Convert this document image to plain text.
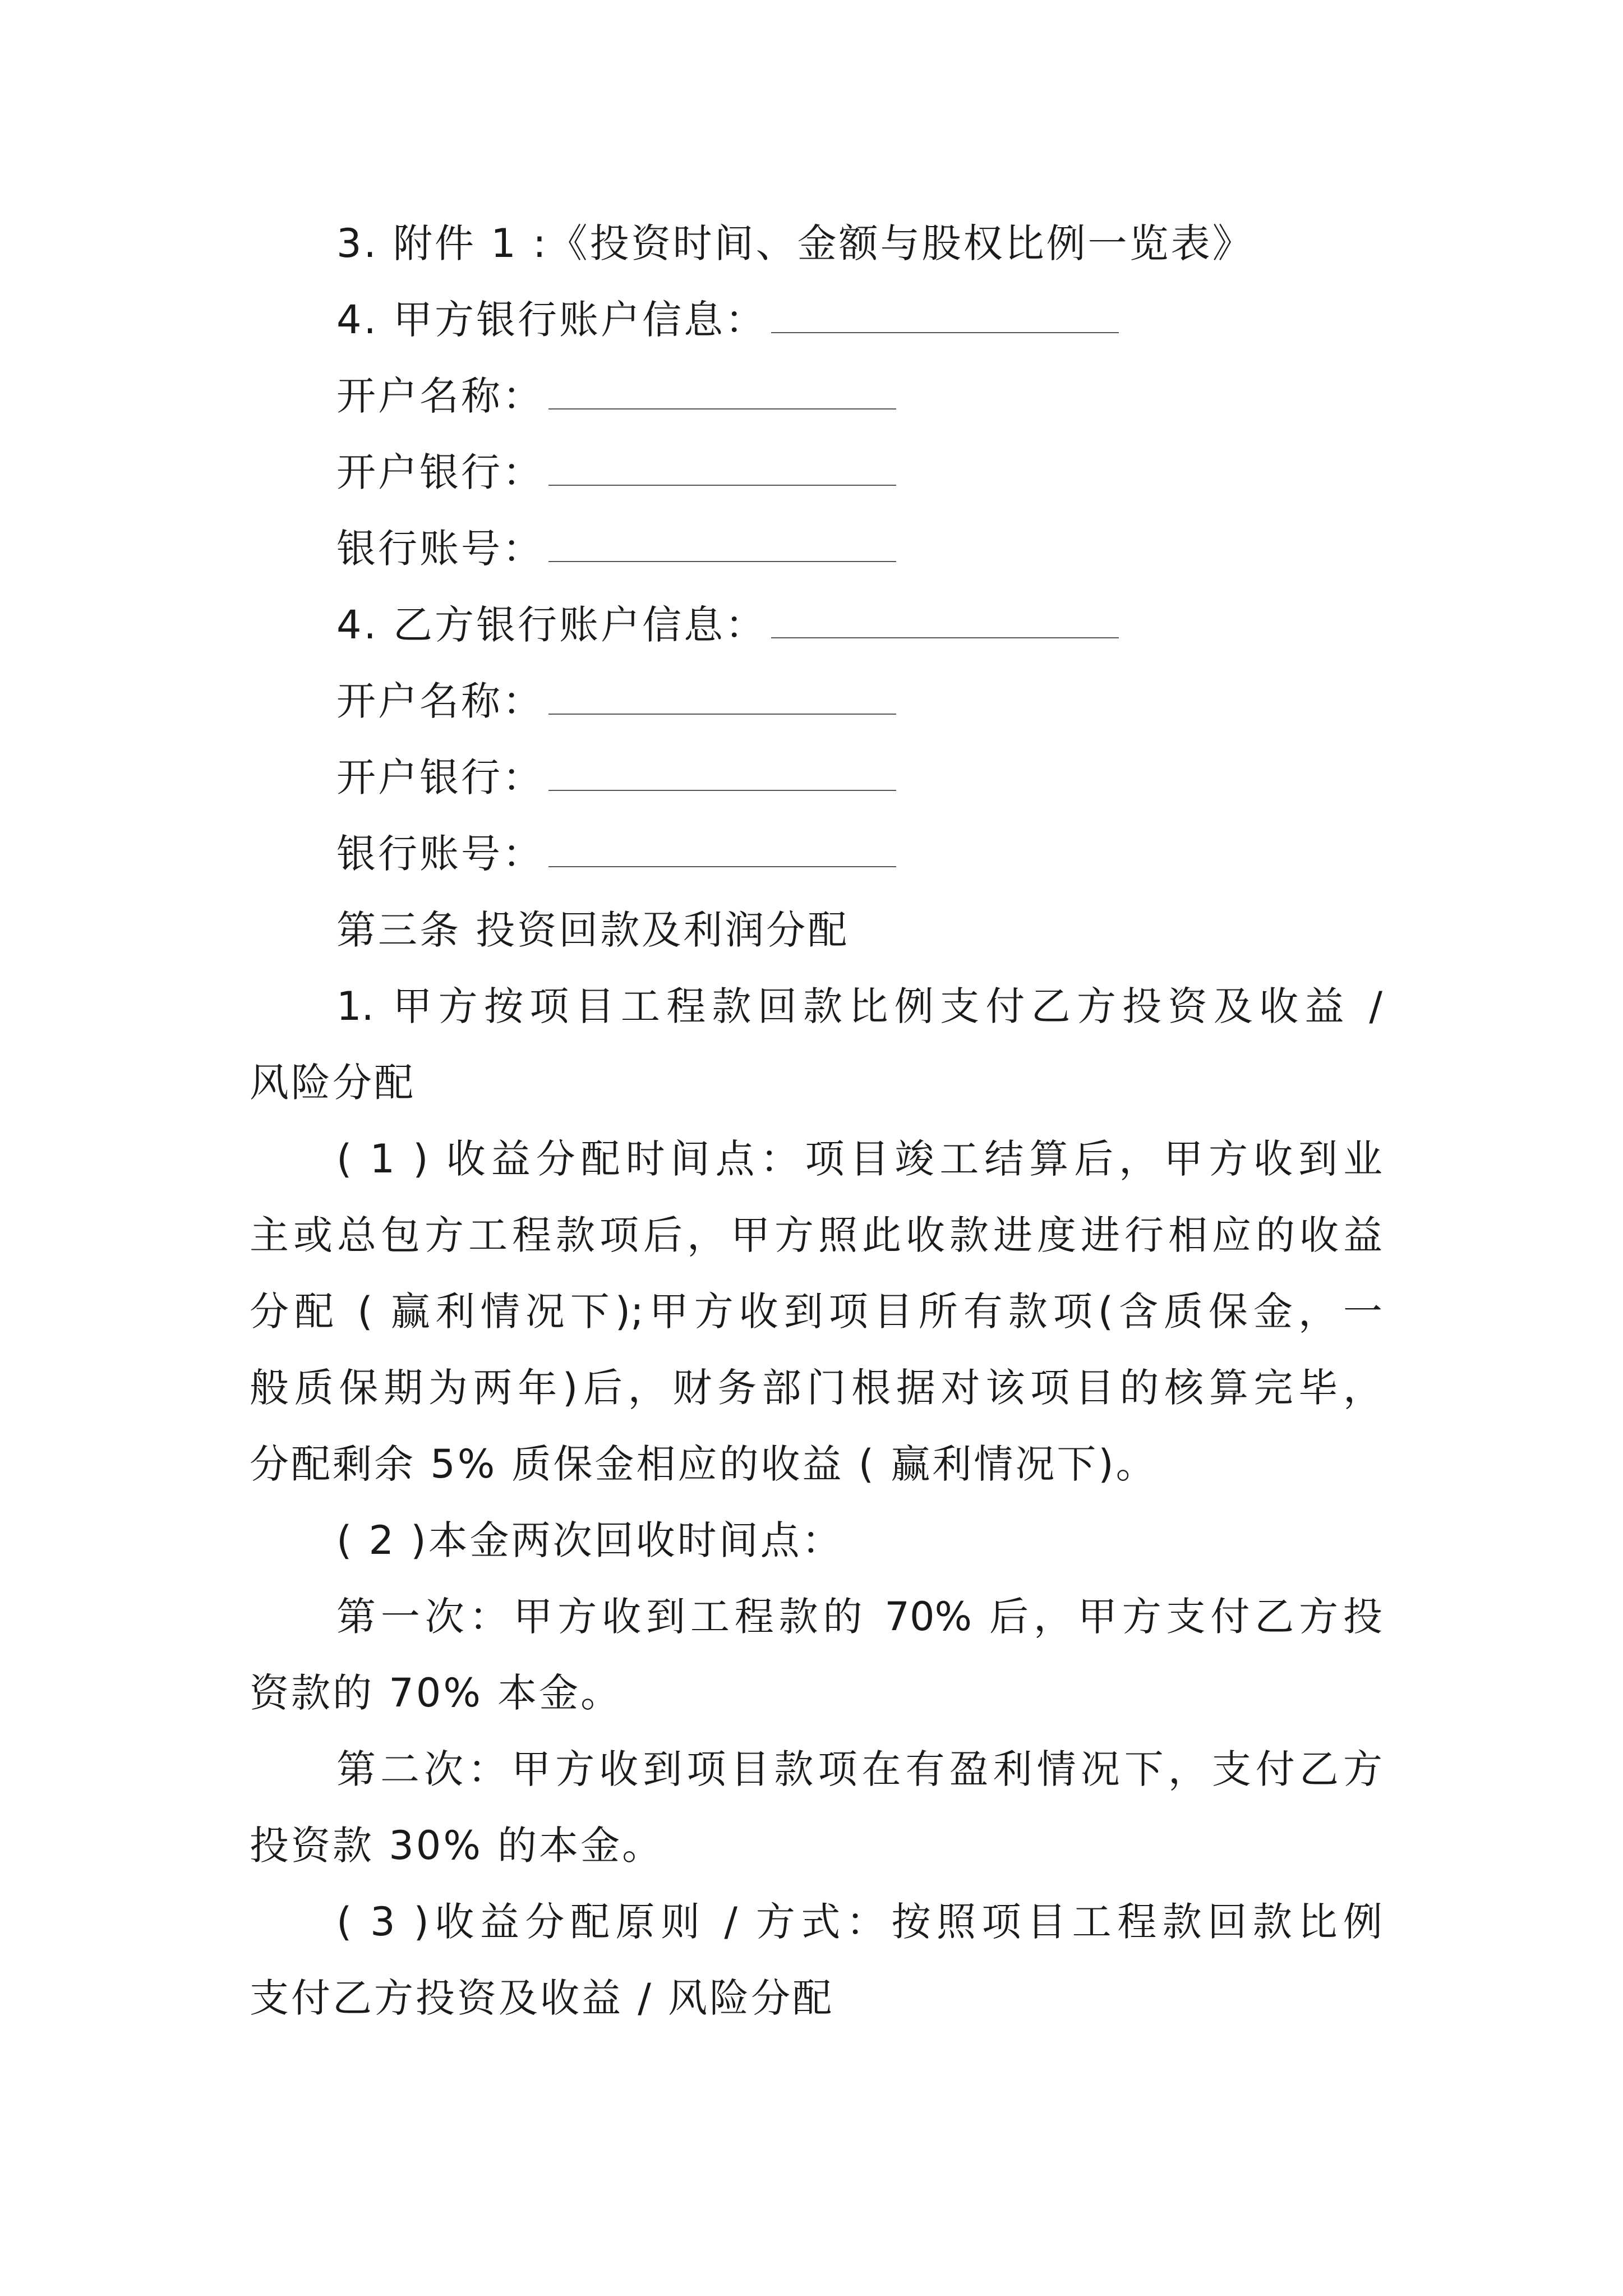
3. 附件 1 :《投资时间、金额与股权比例一览表》
4. 甲方银行账户信息：
开户名称：
开户银行：
银行账号：
4. 乙方银行账户信息：
开户名称：
开户银行：
银行账号：
第三条 投资回款及利润分配
1. 甲方按项目工程款回款比例支付乙方投资及收益 /
风险分配
( 1 ) 收益分配时间点：项目竣工结算后，甲方收到业
主或总包方工程款项后，甲方照此收款进度进行相应的收益
分配 ( 赢利情况下);甲方收到项目所有款项(含质保金，一
般质保期为两年)后，财务部门根据对该项目的核算完毕，
分配剩余 5% 质保金相应的收益 ( 赢利情况下)。
( 2 )本金两次回收时间点：
第一次：甲方收到工程款的 70% 后，甲方支付乙方投
资款的 70% 本金。
第二次：甲方收到项目款项在有盈利情况下，支付乙方
投资款 30% 的本金。
( 3 )收益分配原则 / 方式：按照项目工程款回款比例
支付乙方投资及收益 / 风险分配
